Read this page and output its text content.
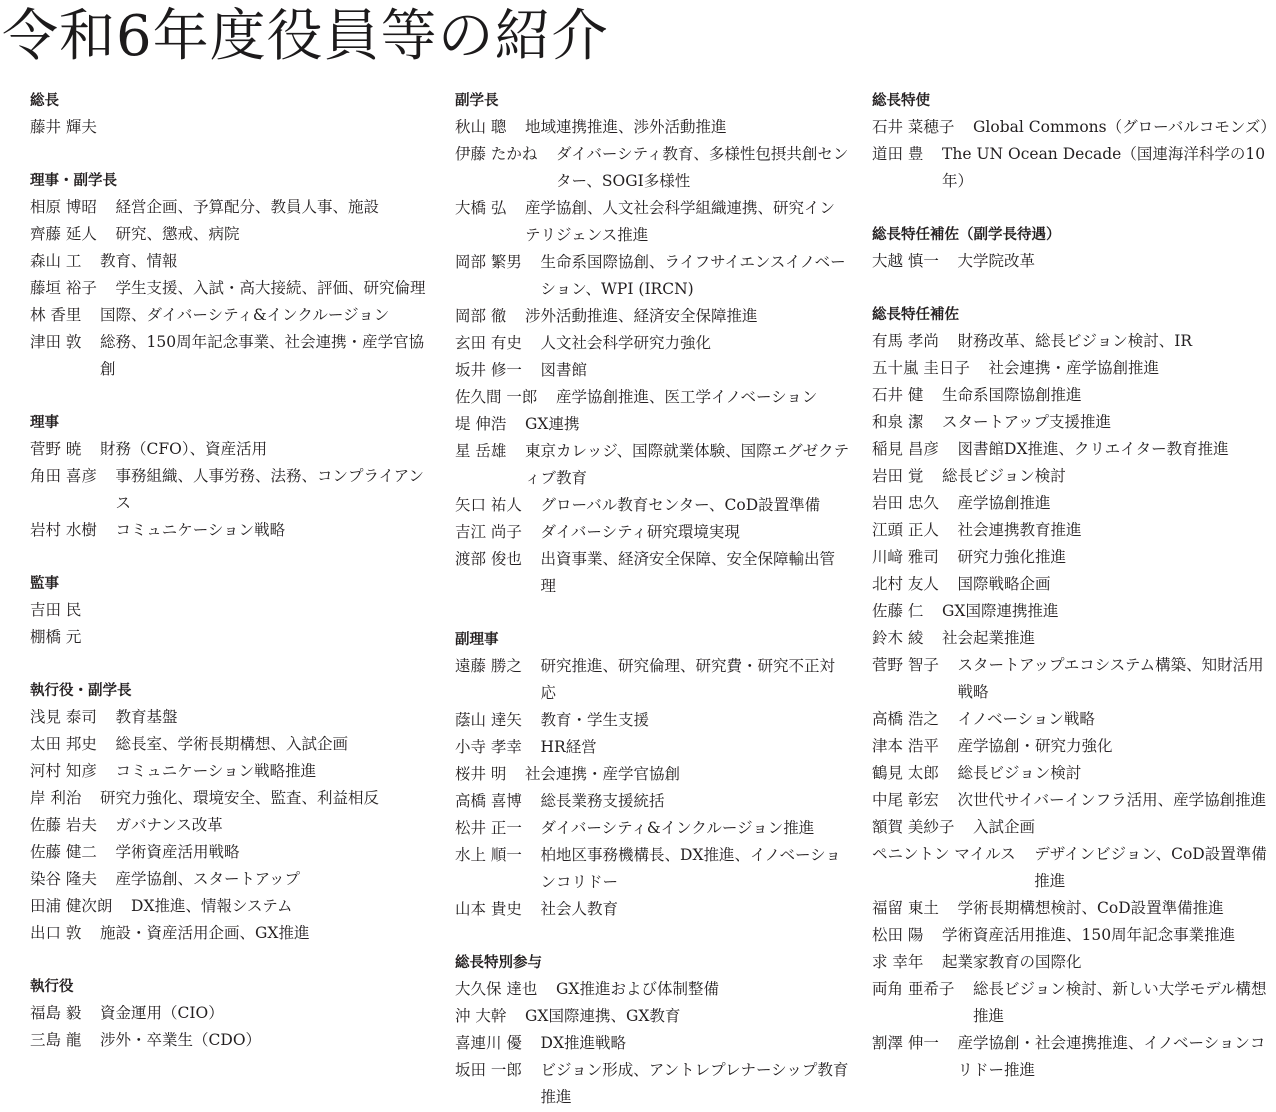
令和6年度役員等の紹介
総長
藤井 輝夫
理事・副学長
相原 博昭 経営企画、予算配分、教員人事、施設
齊藤 延人 研究、懲戒、病院
森山 工 教育、情報
藤垣 裕子 学生支援、入試・高大接続、評価、研究倫理
林 香里 国際、ダイバーシティ&インクルージョン
津田 敦 総務、150周年記念事業、社会連携・産学官協創
理事
菅野 暁 財務（CFO）、資産活用
角田 喜彦 事務組織、人事労務、法務、コンプライアンス
岩村 水樹 コミュニケーション戦略
監事
吉田 民
棚橋 元
執行役・副学長
浅見 泰司 教育基盤
太田 邦史 総長室、学術長期構想、入試企画
河村 知彦 コミュニケーション戦略推進
岸 利治 研究力強化、環境安全、監査、利益相反
佐藤 岩夫 ガバナンス改革
佐藤 健二 学術資産活用戦略
染谷 隆夫 産学協創、スタートアップ
田浦 健次朗 DX推進、情報システム
出口 敦 施設・資産活用企画、GX推進
執行役
福島 毅 資金運用（CIO）
三島 龍 涉外・卒業生（CDO）
副学長
秋山 聰 地域連携推進、渉外活動推進
伊藤 たかね ダイバーシティ教育、多様性包摂共創センター、SOGI多様性
大橋 弘 産学協創、人文社会科学組織連携、研究インテリジェンス推進
岡部 繁男 生命系国際協創、ライフサイエンスイノベーション、WPI (IRCN)
岡部 徹 涉外活動推進、経済安全保障推進
玄田 有史 人文社会科学研究力強化
坂井 修一 図書館
佐久間 一郎 産学協創推進、医工学イノベーション
堤 伸浩 GX連携
星 岳雄 東京カレッジ、国際就業体験、国際エグゼクティブ教育
矢口 祐人 グローバル教育センター、CoD設置準備
吉江 尚子 ダイバーシティ研究環境実現
渡部 俊也 出資事業、経済安全保障、安全保障輸出管理
副理事
遠藤 勝之 研究推進、研究倫理、研究費・研究不正対応
蔭山 達矢 教育・学生支援
小寺 孝幸 HR経営
桜井 明 社会連携・産学官協創
高橋 喜博 総長業務支援統括
松井 正一 ダイバーシティ&インクルージョン推進
水上 順一 柏地区事務機構長、DX推進、イノベーションコリドー
山本 貴史 社会人教育
総長特別参与
大久保 達也 GX推進および体制整備
沖 大幹 GX国際連携、GX教育
喜連川 優 DX推進戦略
坂田 一郎 ビジョン形成、アントレプレナーシップ教育推進
総長特使
石井 菜穂子 Global Commons（グローバルコモンズ）
道田 豊 The UN Ocean Decade（国連海洋科学の10年）
総長特任補佐（副学長待遇）
大越 慎一 大学院改革
総長特任補佐
有馬 孝尚 財務改革、総長ビジョン検討、IR
五十嵐 圭日子 社会連携・産学協創推進
石井 健 生命系国際協創推進
和泉 潔 スタートアップ支援推進
稲見 昌彦 図書館DX推進、クリエイター教育推進
岩田 覚 総長ビジョン検討
岩田 忠久 産学協創推進
江頭 正人 社会連携教育推進
川﨑 雅司 研究力強化推進
北村 友人 国際戦略企画
佐藤 仁 GX国際連携推進
鈴木 綾 社会起業推進
菅野 智子 スタートアップエコシステム構築、知財活用戦略
高橋 浩之 イノベーション戦略
津本 浩平 産学協創・研究力強化
鶴見 太郎 総長ビジョン検討
中尾 彰宏 次世代サイバーインフラ活用、産学協創推進
額賀 美紗子 入試企画
ペニントン マイルス デザインビジョン、CoD設置準備推進
福留 東土 学術長期構想検討、CoD設置準備推進
松田 陽 学術資産活用推進、150周年記念事業推進
求 幸年 起業家教育の国際化
両角 亜希子 総長ビジョン検討、新しい大学モデル構想推進
割澤 伸一 産学協創・社会連携推進、イノベーションコリドー推進
